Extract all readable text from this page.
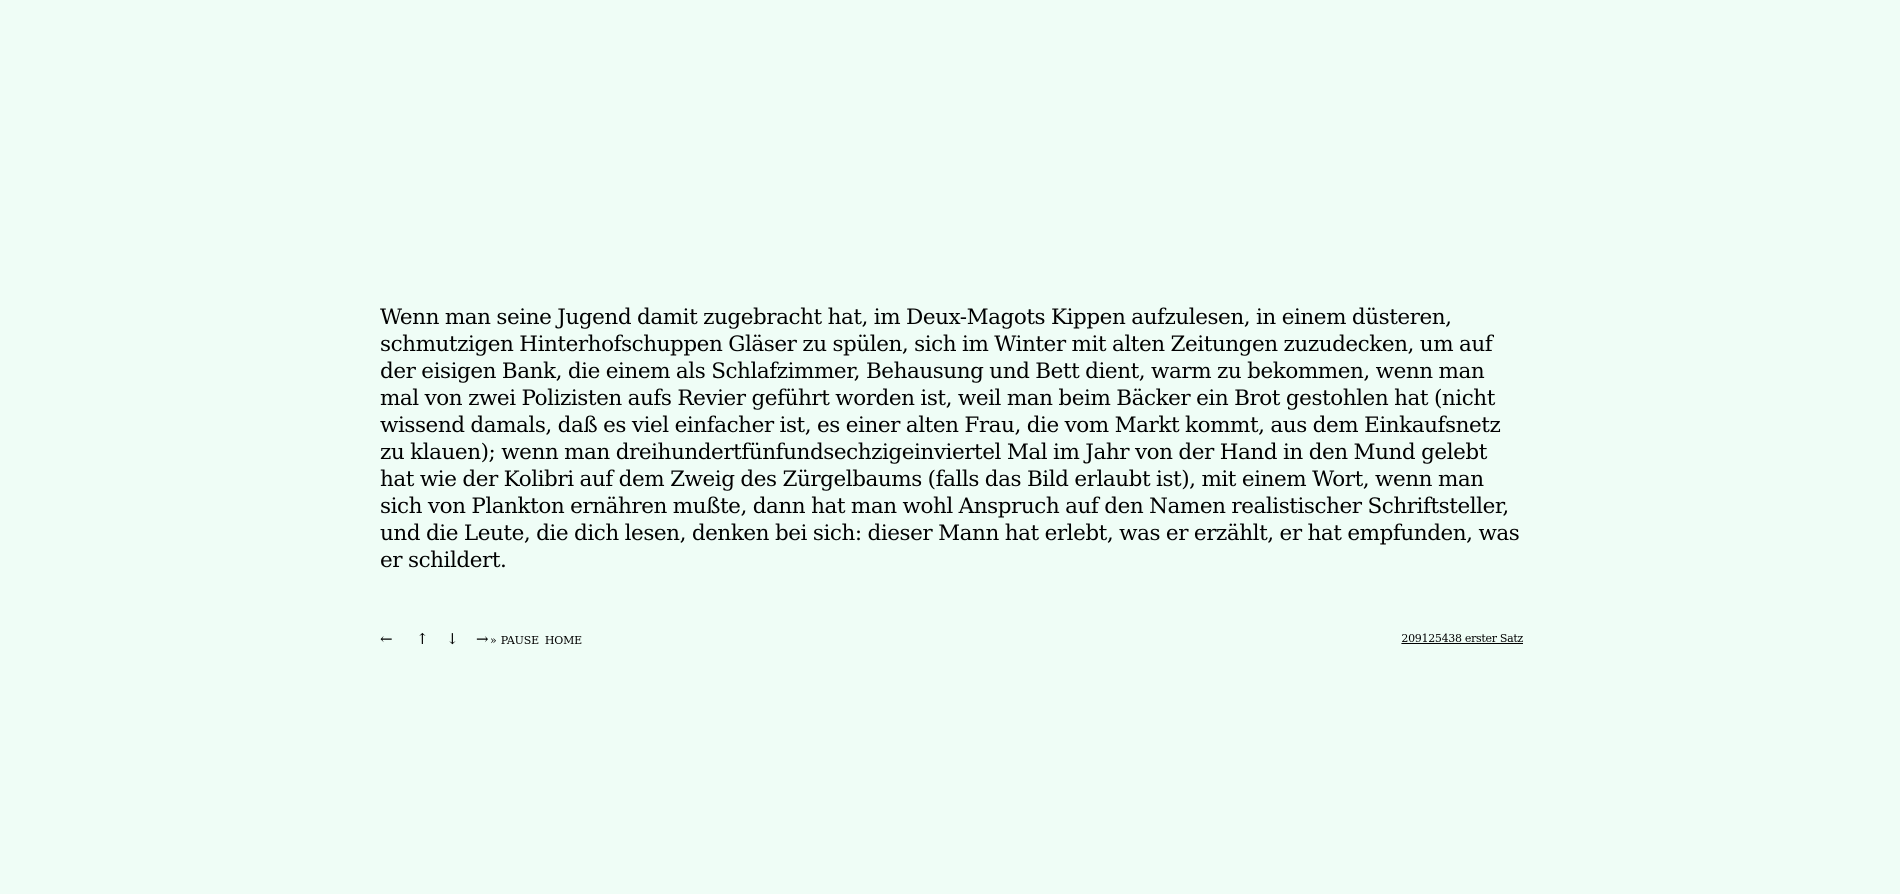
Wenn man seine Jugend damit zugebracht hat, im Deux-Magots Kippen aufzulesen, in einem düsteren, schmutzigen Hinterhofschuppen Gläser zu spülen, sich im Winter mit alten Zeitungen zuzudecken, um auf der eisigen Bank, die einem als Schlafzimmer, Behausung und Bett dient, warm zu bekommen, wenn man mal von zwei Polizisten aufs Revier geführt worden ist, weil man beim Bäcker ein Brot gestohlen hat (nicht wissend damals, daß es viel einfacher ist, es einer alten Frau, die vom Markt kommt, aus dem Einkaufsnetz zu klauen); wenn man dreihundertfünfundsechzigeinviertel Mal im Jahr von der Hand in den Mund gelebt hat wie der Kolibri auf dem Zweig des Zürgelbaums (falls das Bild erlaubt ist), mit einem Wort, wenn man sich von Plankton ernähren mußte, dann hat man wohl Anspruch auf den Namen realistischer Schriftsteller, und die Leute, die dich lesen, denken bei sich: dieser Mann hat erlebt, was er erzählt, er hat empfunden, was er schildert.

←	↑	↓	→ » PAUSE HOME	209125438 erster Satz
